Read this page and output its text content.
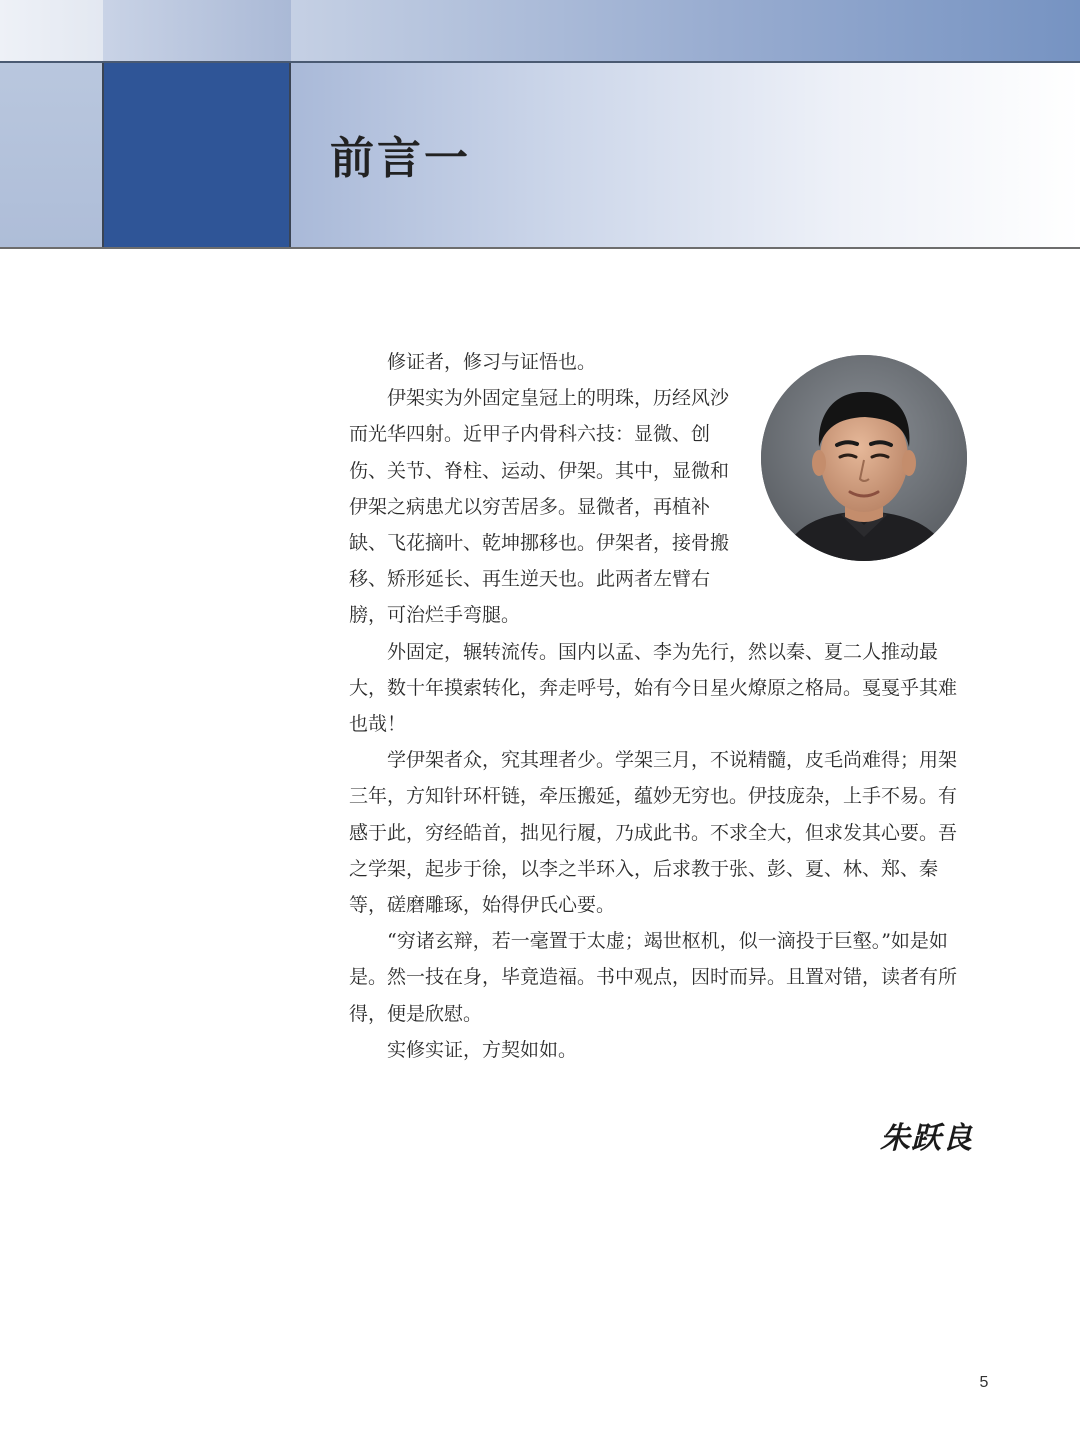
前言一

修证者，修习与证悟也。

伊架实为外固定皇冠上的明珠，历经风沙而光华四射。近甲子内骨科六技：显微、创伤、关节、脊柱、运动、伊架。其中，显微和伊架之病患尤以穷苦居多。显微者，再植补缺、飞花摘叶、乾坤挪移也。伊架者，接骨搬移、矫形延长、再生逆天也。此两者左臂右膀，可治烂手弯腿。

外固定，辗转流传。国内以孟、李为先行，然以秦、夏二人推动最大，数十年摸索转化，奔走呼号，始有今日星火燎原之格局。戛戛乎其难也哉！

学伊架者众，究其理者少。学架三月，不说精髓，皮毛尚难得；用架三年，方知针环杆链，牵压搬延，蕴妙无穷也。伊技庞杂，上手不易。有感于此，穷经皓首，拙见行履，乃成此书。不求全大，但求发其心要。吾之学架，起步于徐，以李之半环入，后求教于张、彭、夏、林、郑、秦等，磋磨雕琢，始得伊氏心要。

“穷诸玄辩，若一毫置于太虚；竭世枢机，似一滴投于巨壑。”如是如是。然一技在身，毕竟造福。书中观点，因时而异。且置对错，读者有所得，便是欣慰。

实修实证，方契如如。

朱跃良
5
